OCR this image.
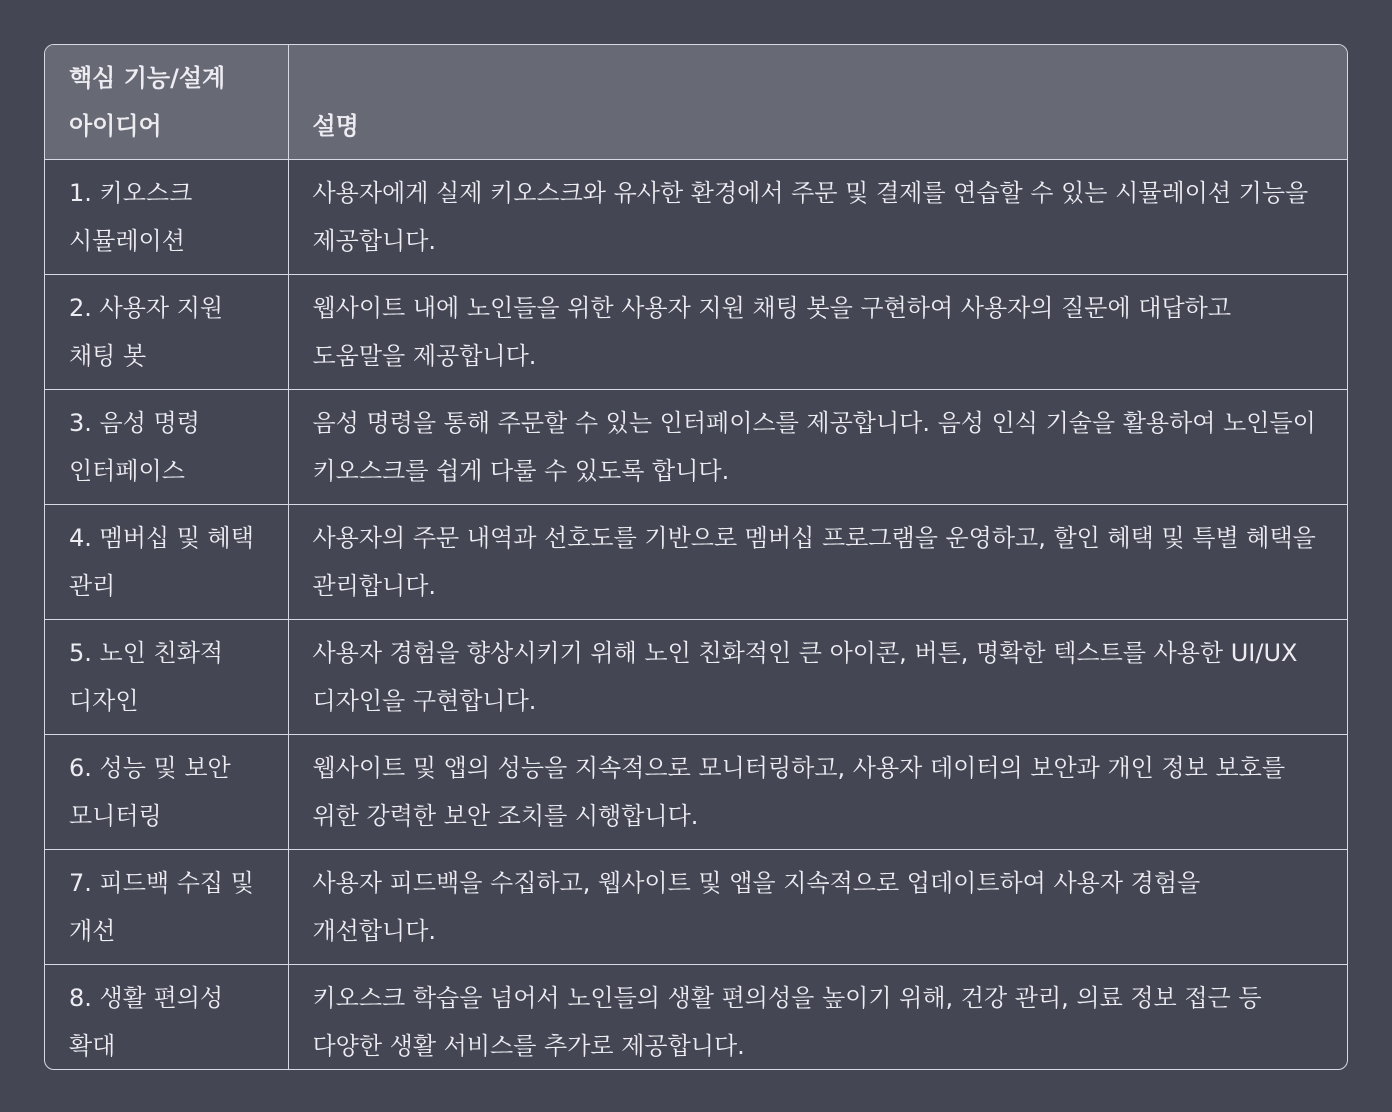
핵심 기능/설계 아이디어	설명
1. 키오스크 시뮬레이션	사용자에게 실제 키오스크와 유사한 환경에서 주문 및 결제를 연습할 수 있는 시뮬레이션 기능을 제공합니다.
2. 사용자 지원 채팅 봇	웹사이트 내에 노인들을 위한 사용자 지원 채팅 봇을 구현하여 사용자의 질문에 대답하고 도움말을 제공합니다.
3. 음성 명령 인터페이스	음성 명령을 통해 주문할 수 있는 인터페이스를 제공합니다. 음성 인식 기술을 활용하여 노인들이 키오스크를 쉽게 다룰 수 있도록 합니다.
4. 멤버십 및 혜택 관리	사용자의 주문 내역과 선호도를 기반으로 멤버십 프로그램을 운영하고, 할인 혜택 및 특별 혜택을 관리합니다.
5. 노인 친화적 디자인	사용자 경험을 향상시키기 위해 노인 친화적인 큰 아이콘, 버튼, 명확한 텍스트를 사용한 UI/UX 디자인을 구현합니다.
6. 성능 및 보안 모니터링	웹사이트 및 앱의 성능을 지속적으로 모니터링하고, 사용자 데이터의 보안과 개인 정보 보호를 위한 강력한 보안 조치를 시행합니다.
7. 피드백 수집 및 개선	사용자 피드백을 수집하고, 웹사이트 및 앱을 지속적으로 업데이트하여 사용자 경험을 개선합니다.
8. 생활 편의성 확대	키오스크 학습을 넘어서 노인들의 생활 편의성을 높이기 위해, 건강 관리, 의료 정보 접근 등 다양한 생활 서비스를 추가로 제공합니다.
